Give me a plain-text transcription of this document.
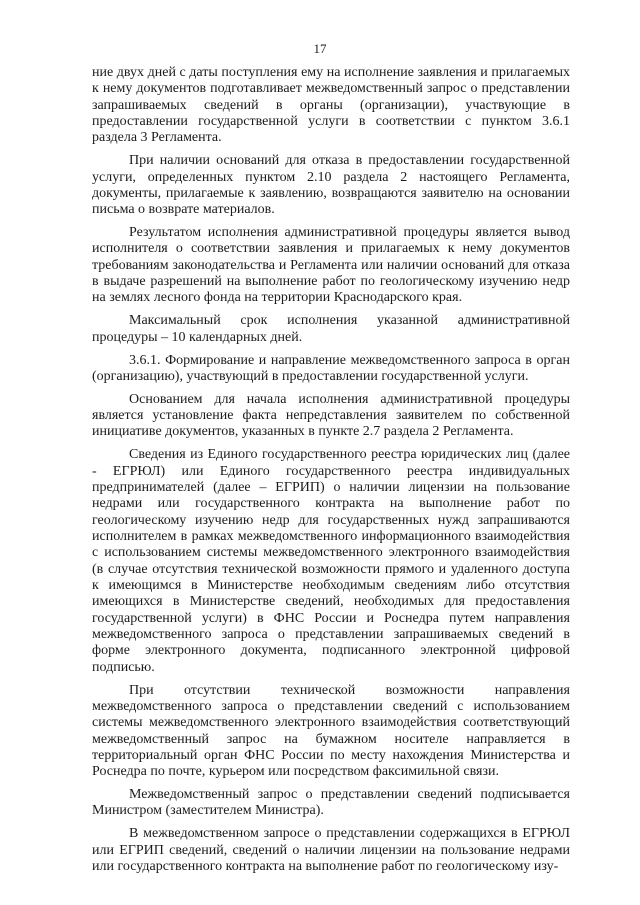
17

ние двух дней с даты поступления ему на исполнение заявления и прилагаемых к нему документов подготавливает межведомственный запрос о представлении запрашиваемых сведений в органы (организации), участвующие в предоставлении государственной услуги в соответствии с пунктом 3.6.1 раздела 3 Регламента.

При наличии оснований для отказа в предоставлении государственной услуги, определенных пунктом 2.10 раздела 2 настоящего Регламента, документы, прилагаемые к заявлению, возвращаются заявителю на основании письма о возврате материалов.

Результатом исполнения административной процедуры является вывод исполнителя о соответствии заявления и прилагаемых к нему документов требованиям законодательства и Регламента или наличии оснований для отказа в выдаче разрешений на выполнение работ по геологическому изучению недр на землях лесного фонда на территории Краснодарского края.

Максимальный срок исполнения указанной административной процедуры – 10 календарных дней.

3.6.1. Формирование и направление межведомственного запроса в орган (организацию), участвующий в предоставлении государственной услуги.

Основанием для начала исполнения административной процедуры является установление факта непредставления заявителем по собственной инициативе документов, указанных в пункте 2.7 раздела 2 Регламента.

Сведения из Единого государственного реестра юридических лиц (далее - ЕГРЮЛ) или Единого государственного реестра индивидуальных предпринимателей (далее – ЕГРИП) о наличии лицензии на пользование недрами или государственного контракта на выполнение работ по геологическому изучению недр для государственных нужд запрашиваются исполнителем в рамках межведомственного информационного взаимодействия с использованием системы межведомственного электронного взаимодействия (в случае отсутствия технической возможности прямого и удаленного доступа к имеющимся в Министерстве необходимым сведениям либо отсутствия имеющихся в Министерстве сведений, необходимых для предоставления государственной услуги) в ФНС России и Роснедра путем направления межведомственного запроса о представлении запрашиваемых сведений в форме электронного документа, подписанного электронной цифровой подписью.

При отсутствии технической возможности направления межведомственного запроса о представлении сведений с использованием системы межведомственного электронного взаимодействия соответствующий межведомственный запрос на бумажном носителе направляется в территориальный орган ФНС России по месту нахождения Министерства и Роснедра по почте, курьером или посредством факсимильной связи.

Межведомственный запрос о представлении сведений подписывается Министром (заместителем Министра).

В межведомственном запросе о представлении содержащихся в ЕГРЮЛ или ЕГРИП сведений, сведений о наличии лицензии на пользование недрами или государственного контракта на выполнение работ по геологическому изу-
